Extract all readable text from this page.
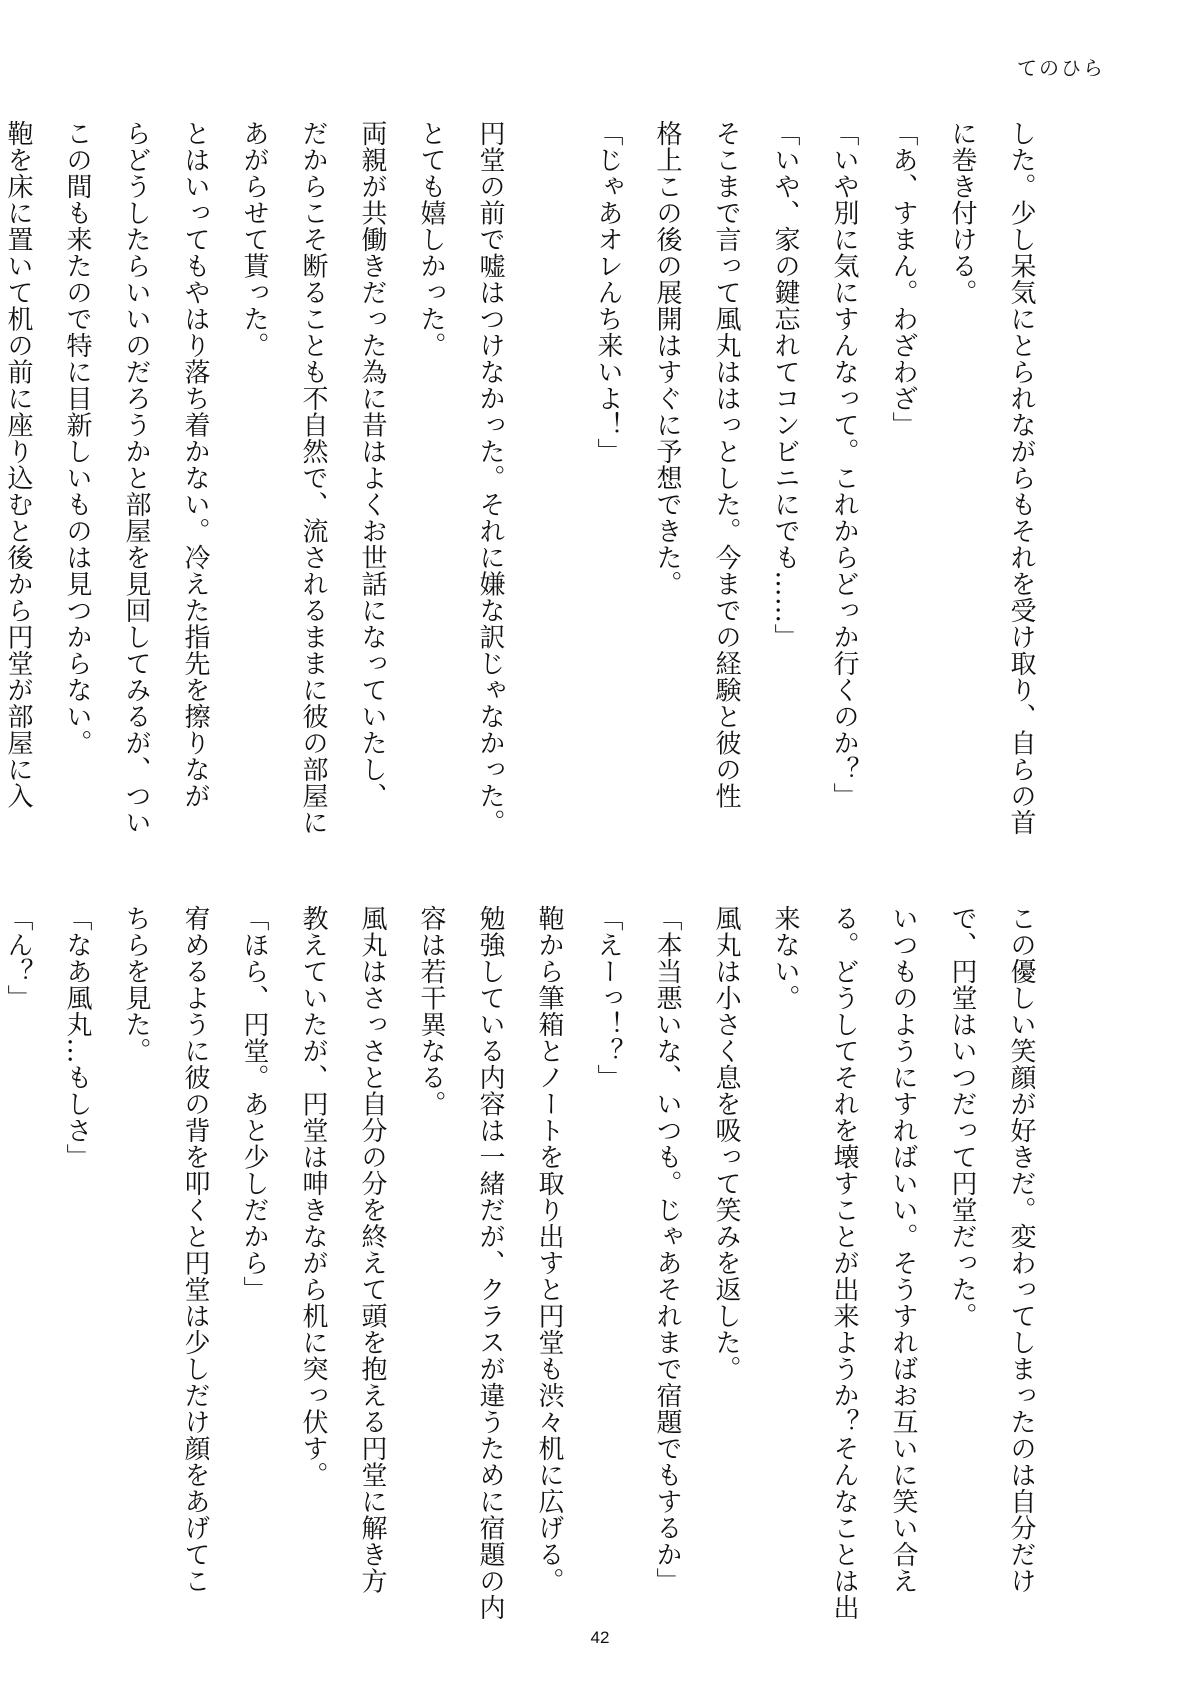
てのひら
した。少し呆気にとられながらもそれを受け取り、自らの首
に巻き付ける。
「あ、すまん。わざわざ」
「いや別に気にすんなって。これからどっか行くのか？」
「いや、家の鍵忘れてコンビニにでも……」
そこまで言って風丸ははっとした。今までの経験と彼の性
格上この後の展開はすぐに予想できた。
「じゃあオレんち来いよ！」

円堂の前で嘘はつけなかった。それに嫌な訳じゃなかった。
とても嬉しかった。
両親が共働きだった為に昔はよくお世話になっていたし、
だからこそ断ることも不自然で、流されるままに彼の部屋に
あがらせて貰った。
とはいってもやはり落ち着かない。冷えた指先を擦りなが
らどうしたらいいのだろうかと部屋を見回してみるが、つい
この間も来たので特に目新しいものは見つからない。
鞄を床に置いて机の前に座り込むと後から円堂が部屋に入
この優しい笑顔が好きだ。変わってしまったのは自分だけ
で、円堂はいつだって円堂だった。
いつものようにすればいい。そうすればお互いに笑い合え
る。どうしてそれを壊すことが出来ようか？そんなことは出
来ない。
風丸は小さく息を吸って笑みを返した。
「本当悪いな、いつも。じゃあそれまで宿題でもするか」
「えーっ！？」
鞄から筆箱とノートを取り出すと円堂も渋々机に広げる。
勉強している内容は一緒だが、クラスが違うために宿題の内
容は若干異なる。
風丸はさっさと自分の分を終えて頭を抱える円堂に解き方
教えていたが、円堂は呻きながら机に突っ伏す。
「ほら、円堂。あと少しだから」
宥めるように彼の背を叩くと円堂は少しだけ顔をあげてこ
ちらを見た。
「なあ風丸…もしさ」
「ん？」
42
